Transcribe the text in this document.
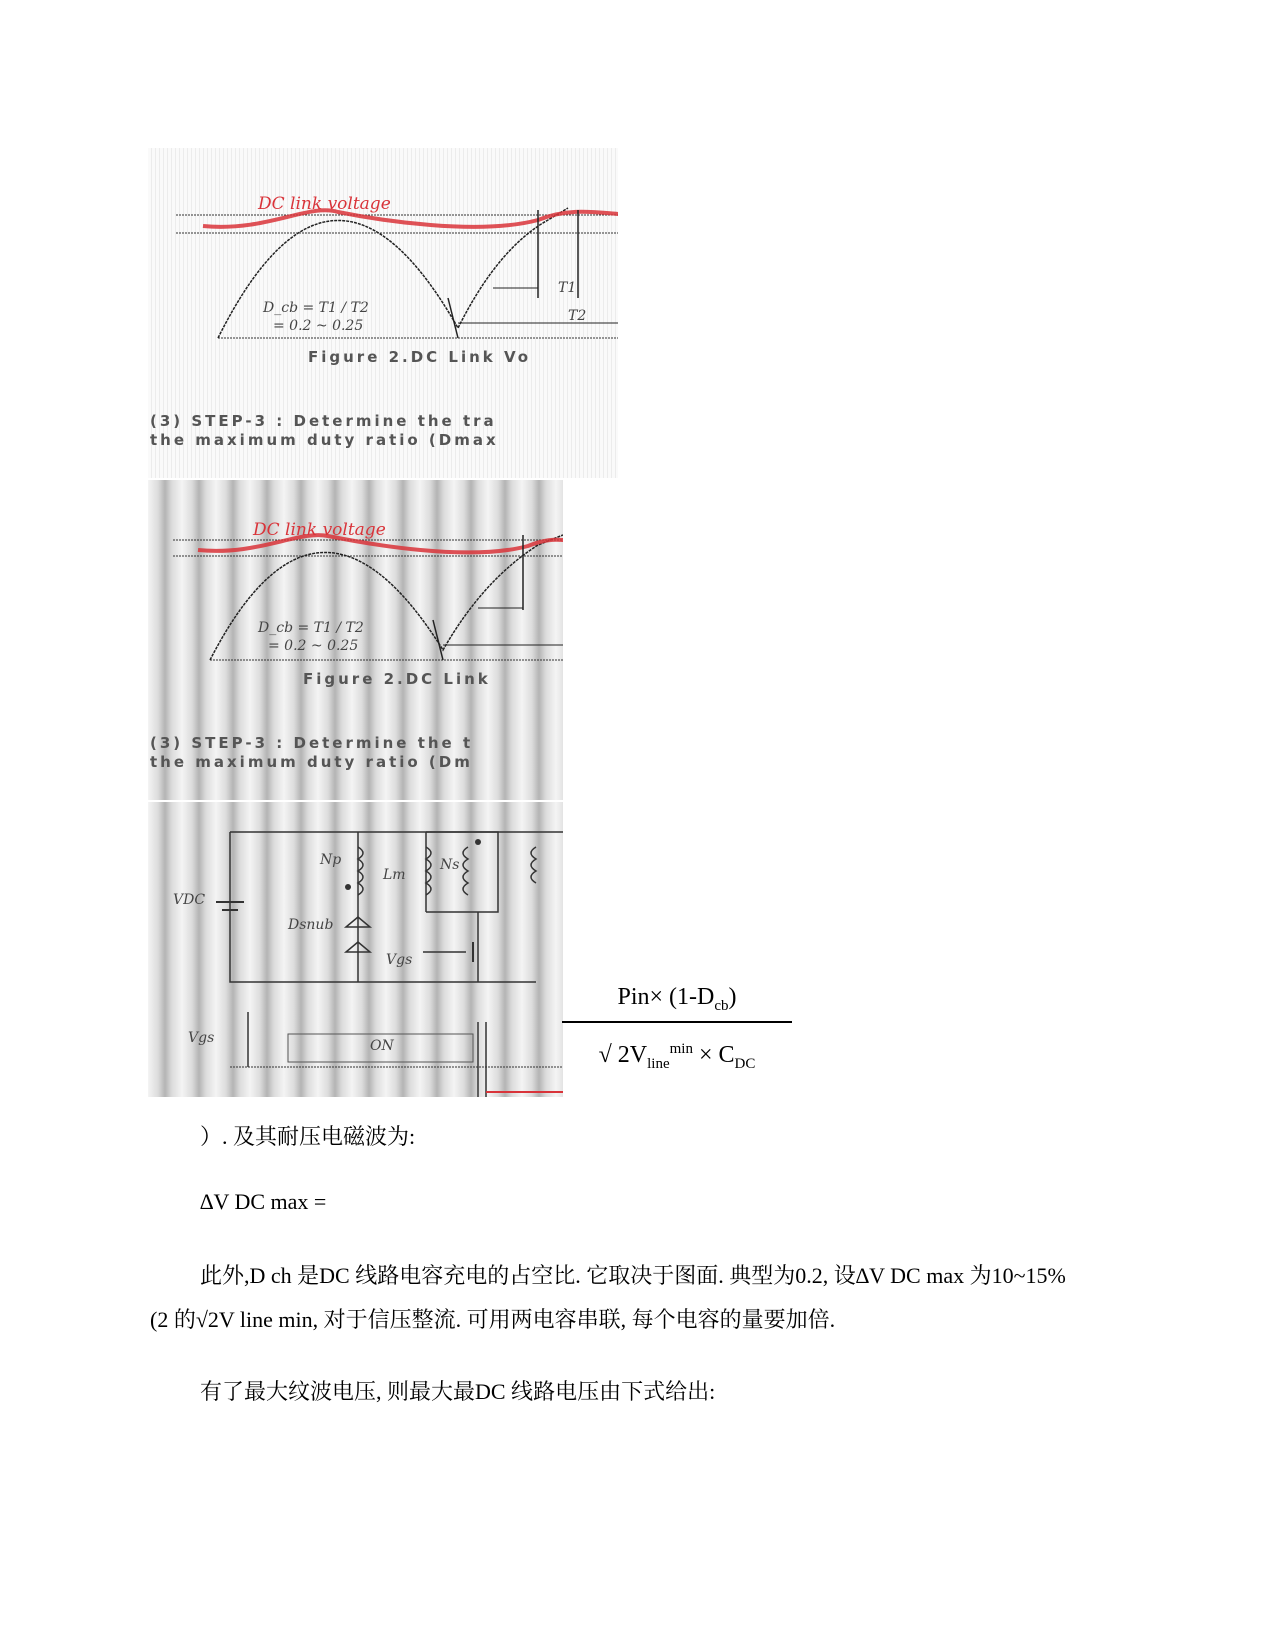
DC link voltage
D_cb = T1 / T2
= 0.2 ~ 0.25
T1
T2
Figure 2.DC Link Vo
(3) STEP-3 : Determine the tra
the maximum duty ratio (Dmax
DC link voltage
D_cb = T1 / T2
= 0.2 ~ 0.25
Figure 2.DC Link
(3) STEP-3 : Determine the t
the maximum duty ratio (Dm
VDC
Np
Lm
Ns
Dsnub
Vgs
Vgs	ON
$Pin\times (1-D_{cb})$
√ $2V_{line}^{min} \times C_{DC}$
）. 及其耐压电磁波为:
∆V DC max =
此外,D ch 是DC 线路电容充电的占空比. 它取决于图面. 典型为0.2, 设∆V DC max 为10~15% (2 的√2V line min, 对于信压整流. 可用两电容串联, 每个电容的量要加倍.
有了最大纹波电压, 则最大最DC 线路电压由下式给出:
